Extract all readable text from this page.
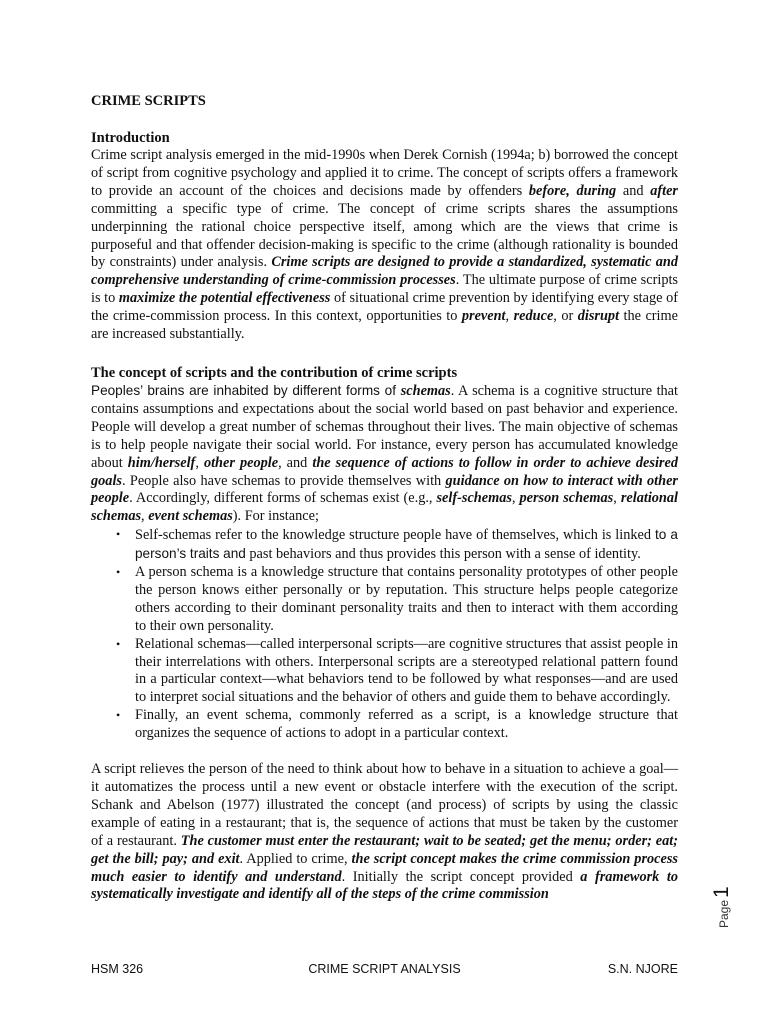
CRIME SCRIPTS
Introduction

Crime script analysis emerged in the mid-1990s when Derek Cornish (1994a; b) borrowed the concept of script from cognitive psychology and applied it to crime. The concept of scripts offers a framework to provide an account of the choices and decisions made by offenders before, during and after committing a specific type of crime. The concept of crime scripts shares the assumptions underpinning the rational choice perspective itself, among which are the views that crime is purposeful and that offender decision-making is specific to the crime (although rationality is bounded by constraints) under analysis. Crime scripts are designed to provide a standardized, systematic and comprehensive understanding of crime-commission processes. The ultimate purpose of crime scripts is to maximize the potential effectiveness of situational crime prevention by identifying every stage of the crime-commission process. In this context, opportunities to prevent, reduce, or disrupt the crime are increased substantially.

The concept of scripts and the contribution of crime scripts

Peoples’ brains are inhabited by different forms of schemas. A schema is a cognitive structure that contains assumptions and expectations about the social world based on past behavior and experience. People will develop a great number of schemas throughout their lives. The main objective of schemas is to help people navigate their social world. For instance, every person has accumulated knowledge about him/herself, other people, and the sequence of actions to follow in order to achieve desired goals. People also have schemas to provide themselves with guidance on how to interact with other people. Accordingly, different forms of schemas exist (e.g., self-schemas, person schemas, relational schemas, event schemas). For instance;

• Self-schemas refer to the knowledge structure people have of themselves, which is linked to a person’s traits and past behaviors and thus provides this person with a sense of identity.
• A person schema is a knowledge structure that contains personality prototypes of other people the person knows either personally or by reputation. This structure helps people categorize others according to their dominant personality traits and then to interact with them according to their own personality.
• Relational schemas—called interpersonal scripts—are cognitive structures that assist people in their interrelations with others. Interpersonal scripts are a stereotyped relational pattern found in a particular context—what behaviors tend to be followed by what responses—and are used to interpret social situations and the behavior of others and guide them to behave accordingly.
• Finally, an event schema, commonly referred as a script, is a knowledge structure that organizes the sequence of actions to adopt in a particular context.

A script relieves the person of the need to think about how to behave in a situation to achieve a goal—it automatizes the process until a new event or obstacle interfere with the execution of the script. Schank and Abelson (1977) illustrated the concept (and process) of scripts by using the classic example of eating in a restaurant; that is, the sequence of actions that must be taken by the customer of a restaurant. The customer must enter the restaurant; wait to be seated; get the menu; order; eat; get the bill; pay; and exit. Applied to crime, the script concept makes the crime commission process much easier to identify and understand. Initially the script concept provided a framework to systematically investigate and identify all of the steps of the crime commission

Page1
HSM 326	CRIME SCRIPT ANALYSIS	S.N. NJORE
